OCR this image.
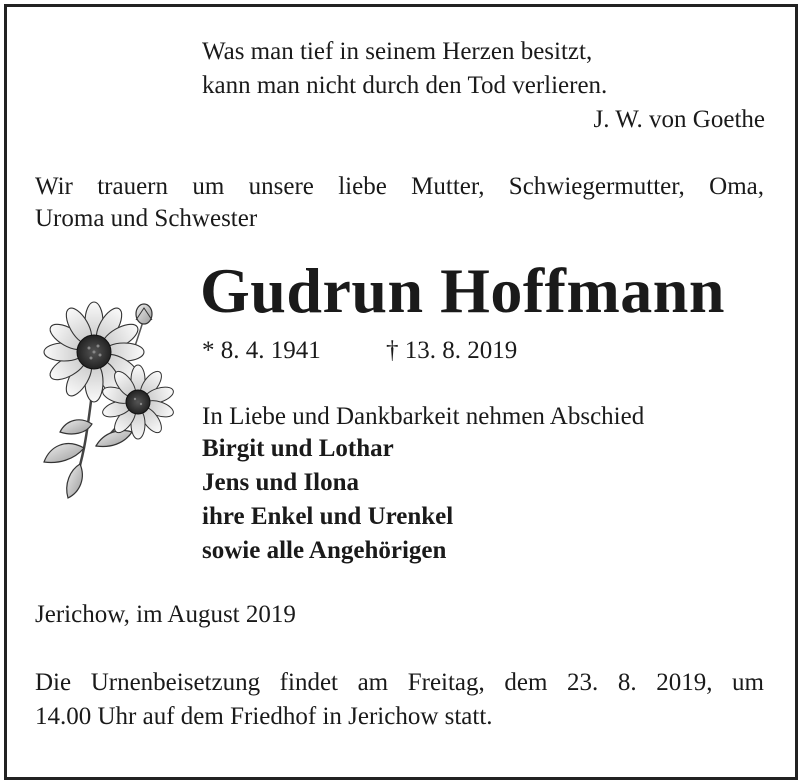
Was man tief in seinem Herzen besitzt,
kann man nicht durch den Tod verlieren.
J. W. von Goethe
Wir trauern um unsere liebe Mutter, Schwiegermutter, Oma,
Uroma und Schwester
Gudrun Hoffmann
* 8. 4. 1941	† 13. 8. 2019
In Liebe und Dankbarkeit nehmen Abschied
Birgit und Lothar
Jens und Ilona
ihre Enkel und Urenkel
sowie alle Angehörigen
Jerichow, im August 2019
Die Urnenbeisetzung findet am Freitag, dem 23. 8. 2019, um
14.00 Uhr auf dem Friedhof in Jerichow statt.
